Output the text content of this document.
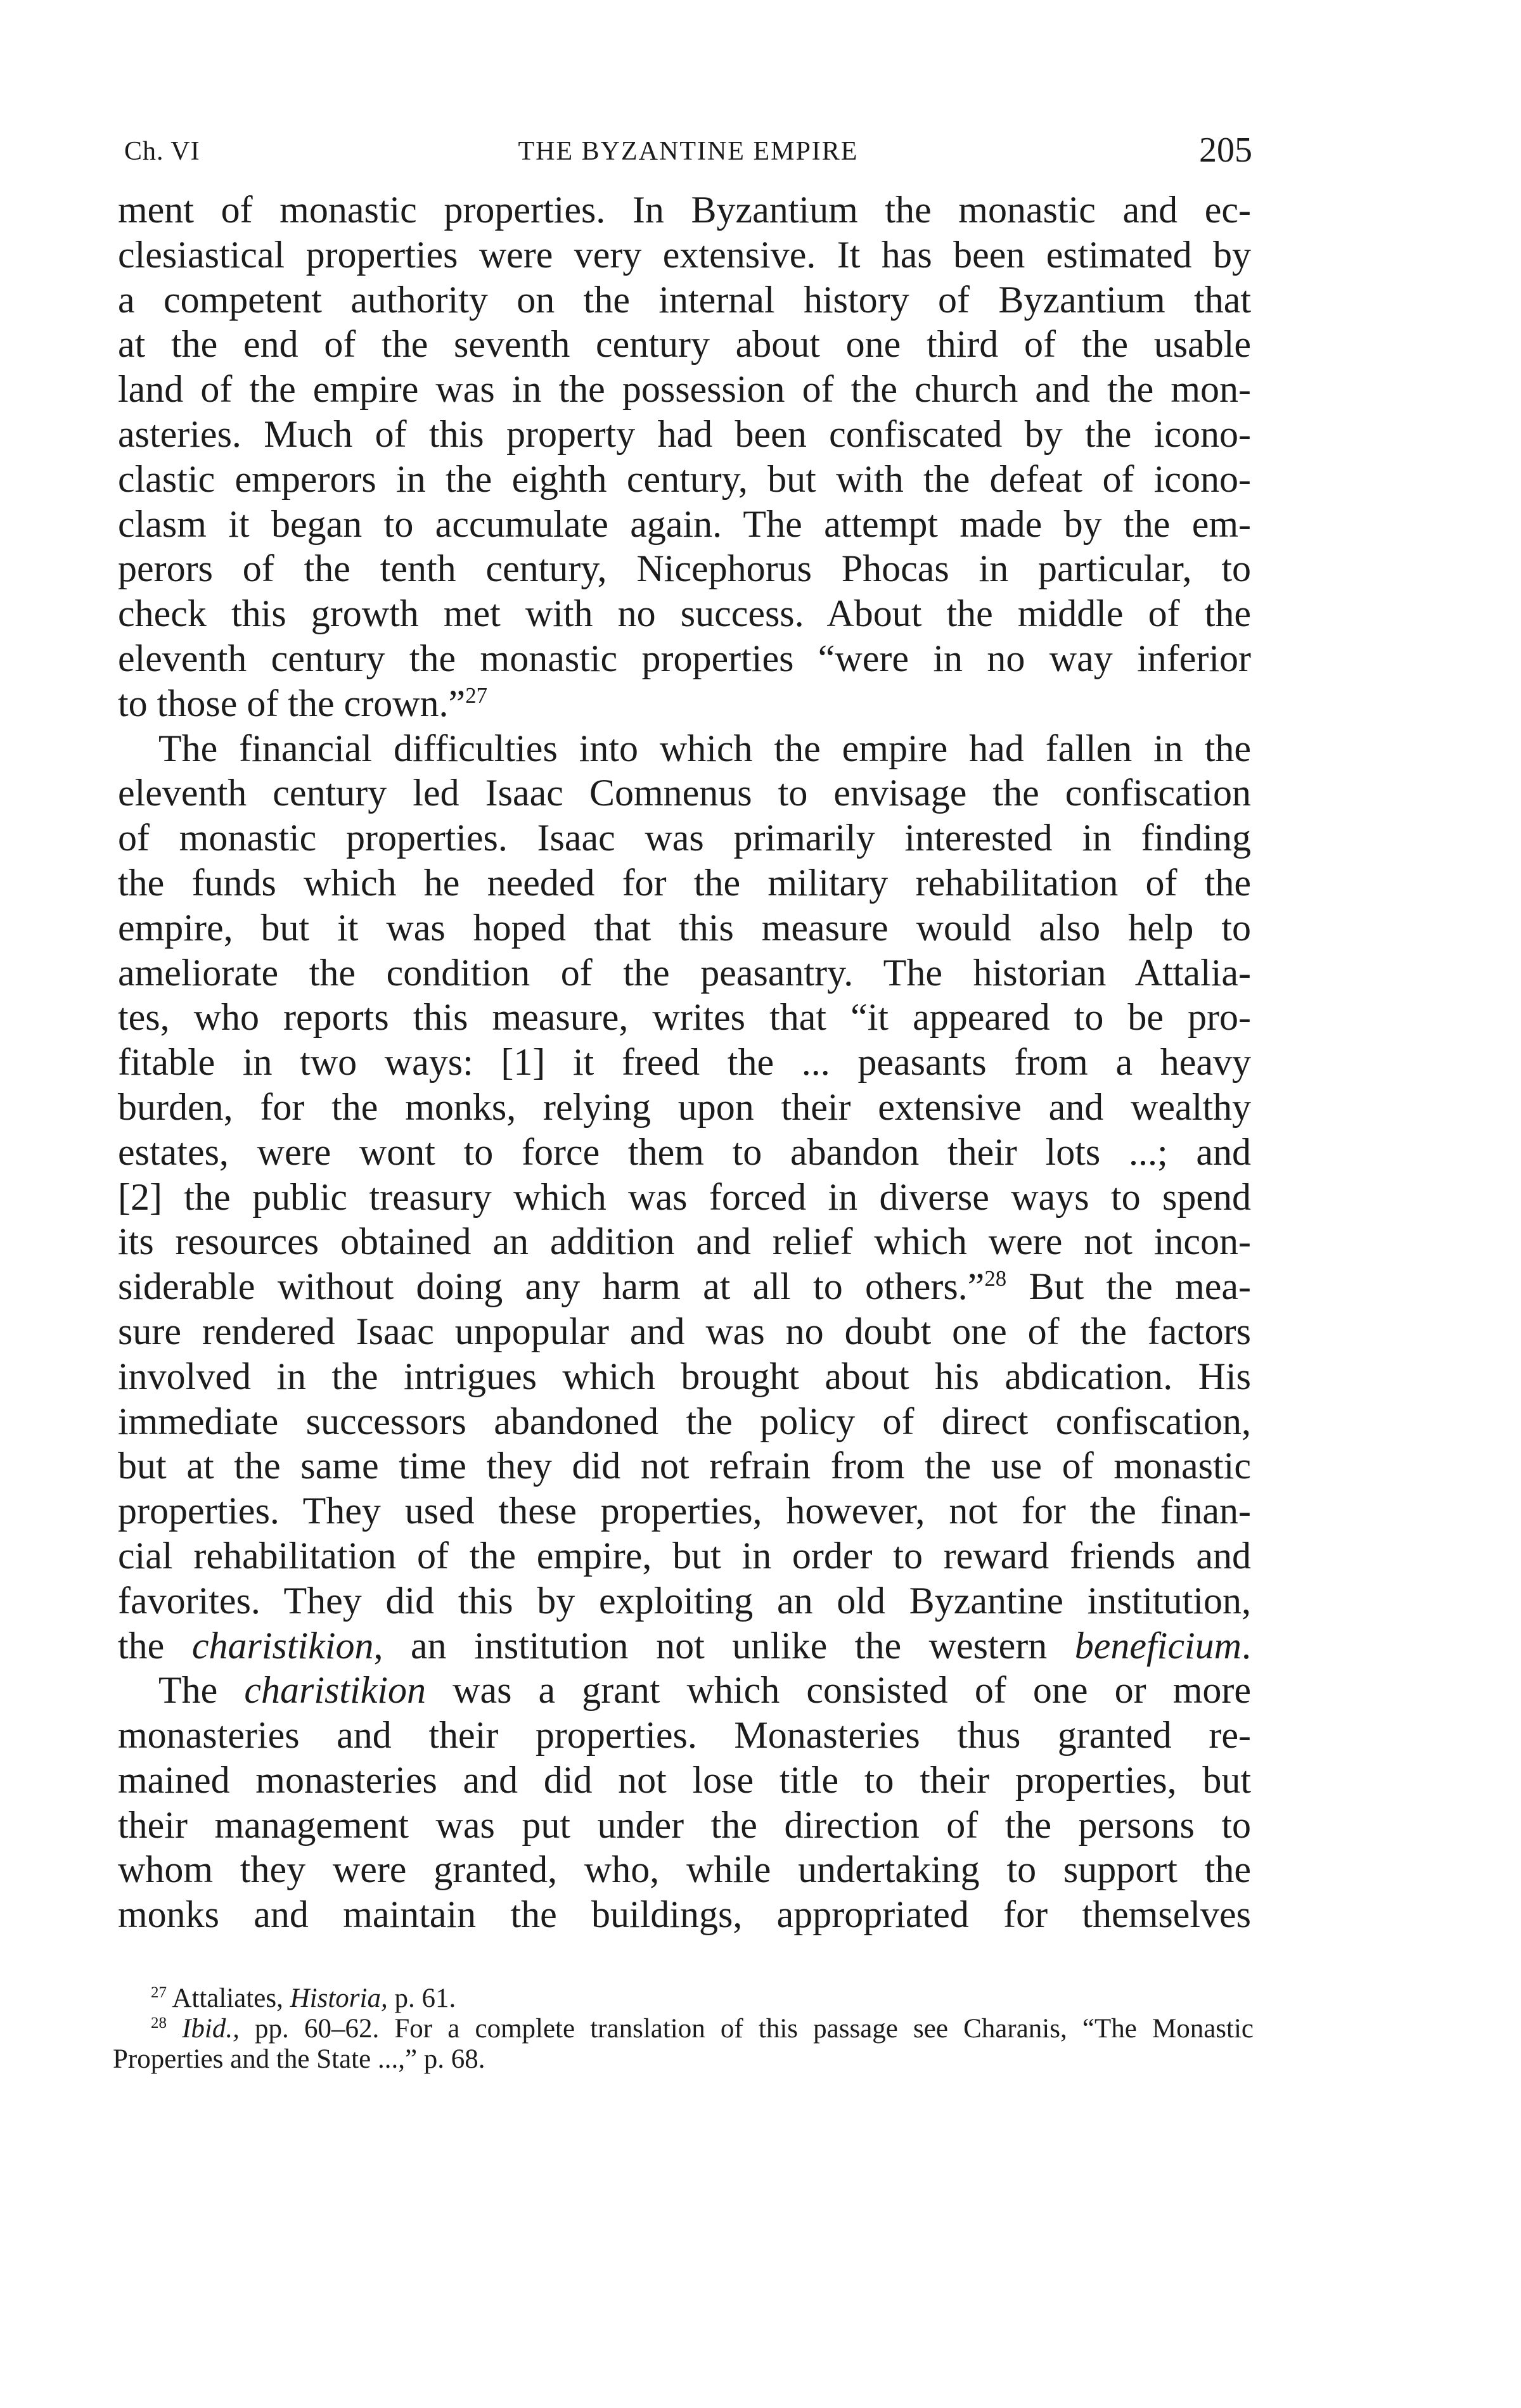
Ch. VI	THE BYZANTINE EMPIRE	205
ment of monastic properties. In Byzantium the monastic and ec-
clesiastical properties were very extensive. It has been estimated by
a competent authority on the internal history of Byzantium that
at the end of the seventh century about one third of the usable
land of the empire was in the possession of the church and the mon-
asteries. Much of this property had been confiscated by the icono-
clastic emperors in the eighth century, but with the defeat of icono-
clasm it began to accumulate again. The attempt made by the em-
perors of the tenth century, Nicephorus Phocas in particular, to
check this growth met with no success. About the middle of the
eleventh century the monastic properties “were in no way inferior
to those of the crown.”$^{27}$
The financial difficulties into which the empire had fallen in the
eleventh century led Isaac Comnenus to envisage the confiscation
of monastic properties. Isaac was primarily interested in finding
the funds which he needed for the military rehabilitation of the
empire, but it was hoped that this measure would also help to
ameliorate the condition of the peasantry. The historian Attalia-
tes, who reports this measure, writes that “it appeared to be pro-
fitable in two ways: [1] it freed the ... peasants from a heavy
burden, for the monks, relying upon their extensive and wealthy
estates, were wont to force them to abandon their lots ...; and
[2] the public treasury which was forced in diverse ways to spend
its resources obtained an addition and relief which were not incon-
siderable without doing any harm at all to others.”$^{28}$ But the mea-
sure rendered Isaac unpopular and was no doubt one of the factors
involved in the intrigues which brought about his abdication. His
immediate successors abandoned the policy of direct confiscation,
but at the same time they did not refrain from the use of monastic
properties. They used these properties, however, not for the finan-
cial rehabilitation of the empire, but in order to reward friends and
favorites. They did this by exploiting an old Byzantine institution,
the charistikion, an institution not unlike the western beneficium.
The charistikion was a grant which consisted of one or more
monasteries and their properties. Monasteries thus granted re-
mained monasteries and did not lose title to their properties, but
their management was put under the direction of the persons to
whom they were granted, who, while undertaking to support the
monks and maintain the buildings, appropriated for themselves
$^{27}$ Attaliates, Historia, p. 61.
$^{28}$ Ibid., pp. 60–62. For a complete translation of this passage see Charanis, “The Monastic
Properties and the State ...,” p. 68.
